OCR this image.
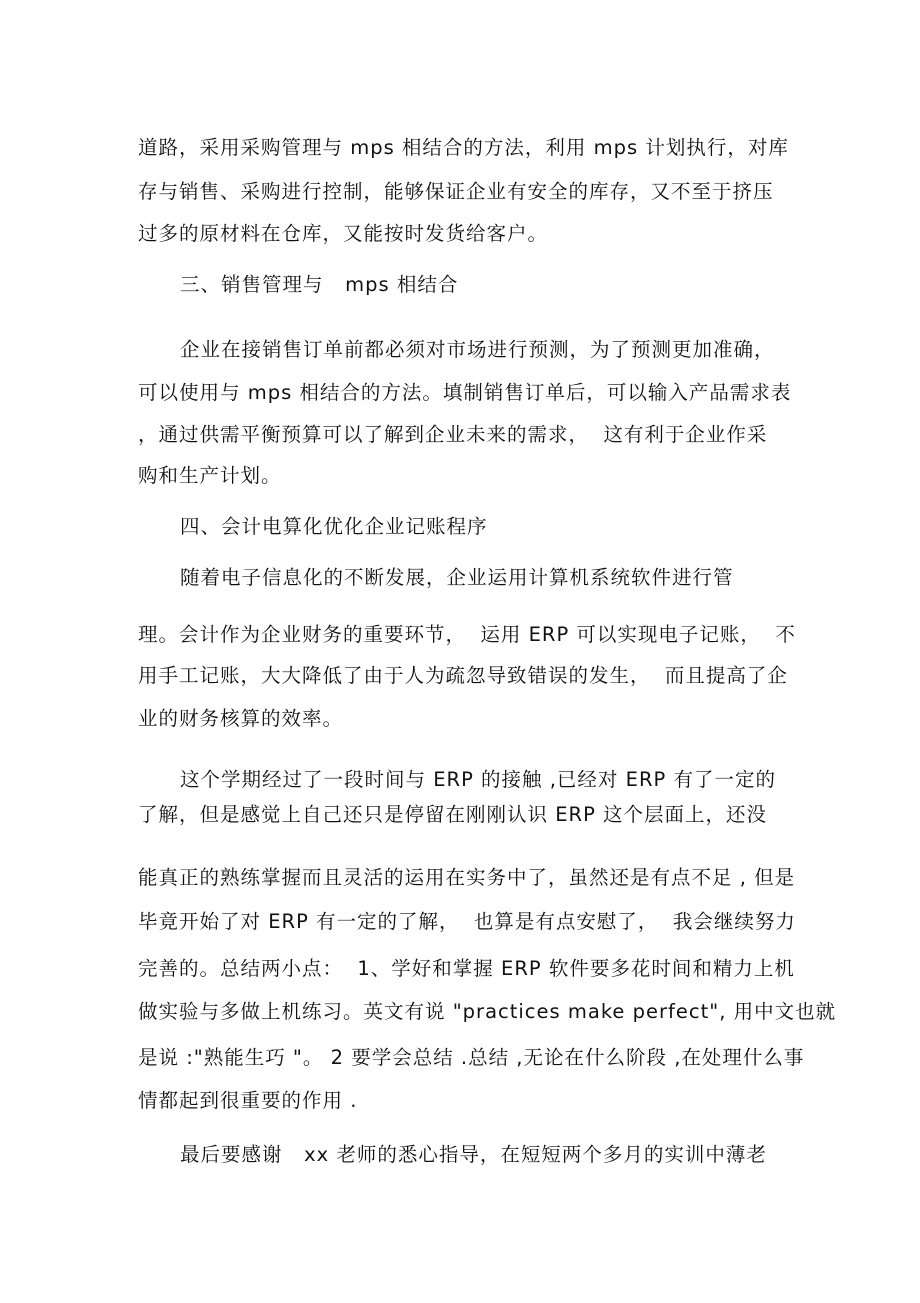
道路，采用采购管理与 mps 相结合的方法，利用 mps 计划执行，对库
存与销售、采购进行控制，能够保证企业有安全的库存，又不至于挤压
过多的原材料在仓库，又能按时发货给客户。
三、销售管理与   mps 相结合
企业在接销售订单前都必须对市场进行预测，为了预测更加准确，
可以使用与 mps 相结合的方法。填制销售订单后，可以输入产品需求表
，通过供需平衡预算可以了解到企业未来的需求，  这有利于企业作采
购和生产计划。
四、会计电算化优化企业记账程序
随着电子信息化的不断发展，企业运用计算机系统软件进行管
理。会计作为企业财务的重要环节，  运用 ERP 可以实现电子记账，  不
用手工记账，大大降低了由于人为疏忽导致错误的发生，  而且提高了企
业的财务核算的效率。
这个学期经过了一段时间与 ERP 的接触 ,已经对 ERP 有了一定的
了解，但是感觉上自己还只是停留在刚刚认识 ERP 这个层面上，还没
能真正的熟练掌握而且灵活的运用在实务中了，虽然还是有点不足 , 但是
毕竟开始了对 ERP 有一定的了解，  也算是有点安慰了，  我会继续努力
完善的。总结两小点：  1、学好和掌握 ERP 软件要多花时间和精力上机
做实验与多做上机练习。英文有说 "practices make perfect", 用中文也就
是说 :"熟能生巧 "。 2 要学会总结 .总结 ,无论在什么阶段 ,在处理什么事
情都起到很重要的作用 .
最后要感谢   xx 老师的悉心指导，在短短两个多月的实训中薄老
